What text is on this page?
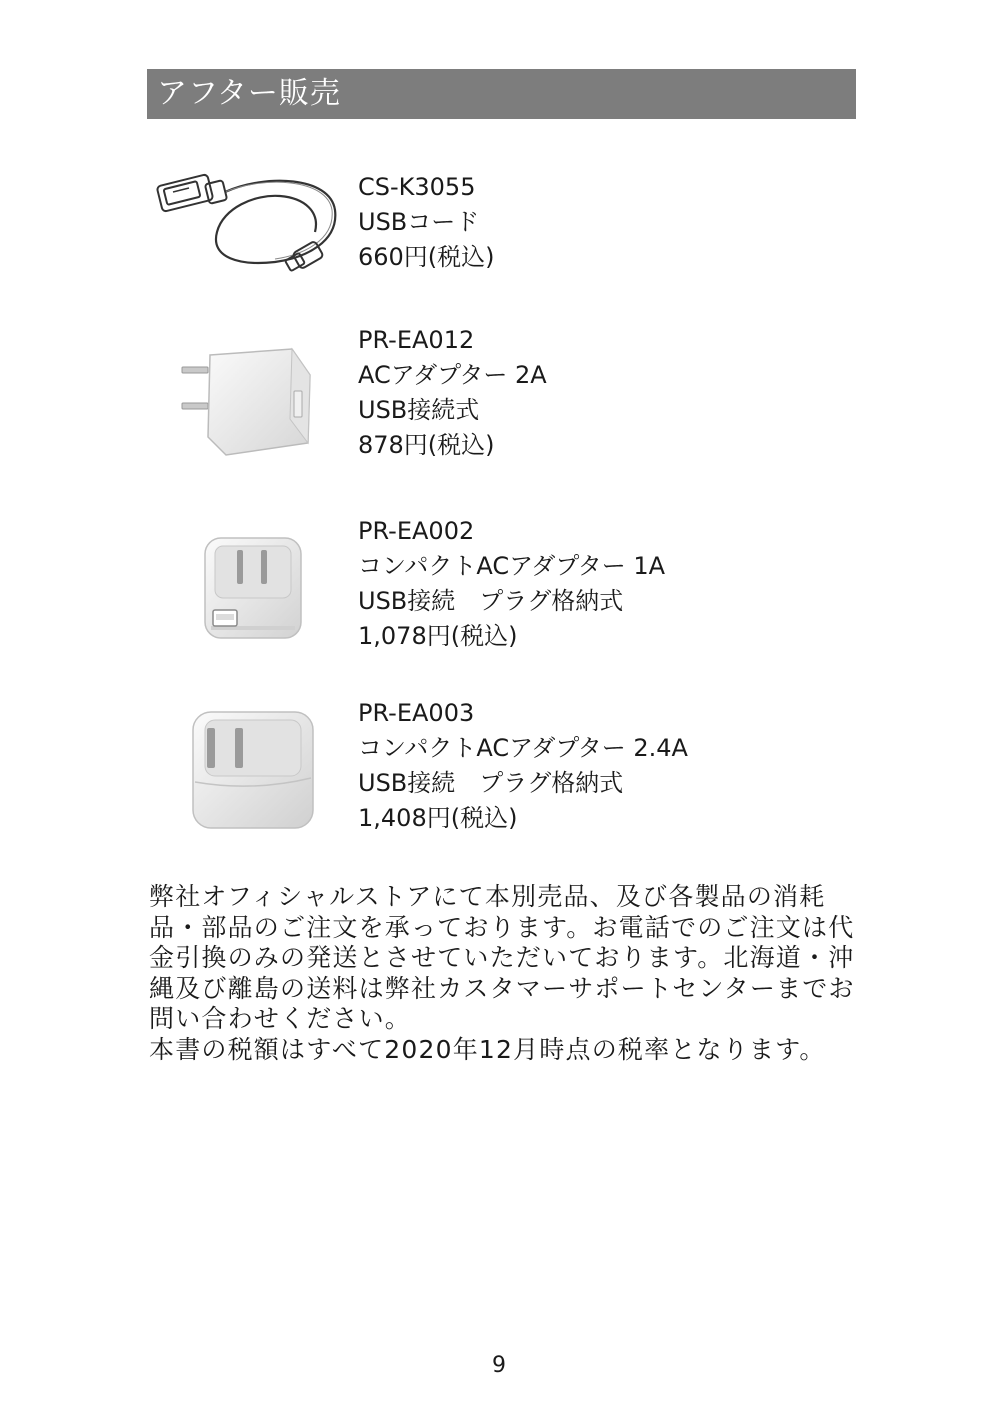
アフター販売
CS-K3055
USBコード
660円(税込)
PR-EA012
ACアダプター 2A
USB接続式
878円(税込)
PR-EA002
コンパクトACアダプター 1A
USB接続　プラグ格納式
1,078円(税込)
PR-EA003
コンパクトACアダプター 2.4A
USB接続　プラグ格納式
1,408円(税込)

弊社オフィシャルストアにて本別売品、及び各製品の消耗品・部品のご注文を承っております。お電話でのご注文は代金引換のみの発送とさせていただいております。北海道・沖縄及び離島の送料は弊社カスタマーサポートセンターまでお問い合わせください。

本書の税額はすべて2020年12月時点の税率となります。

9
